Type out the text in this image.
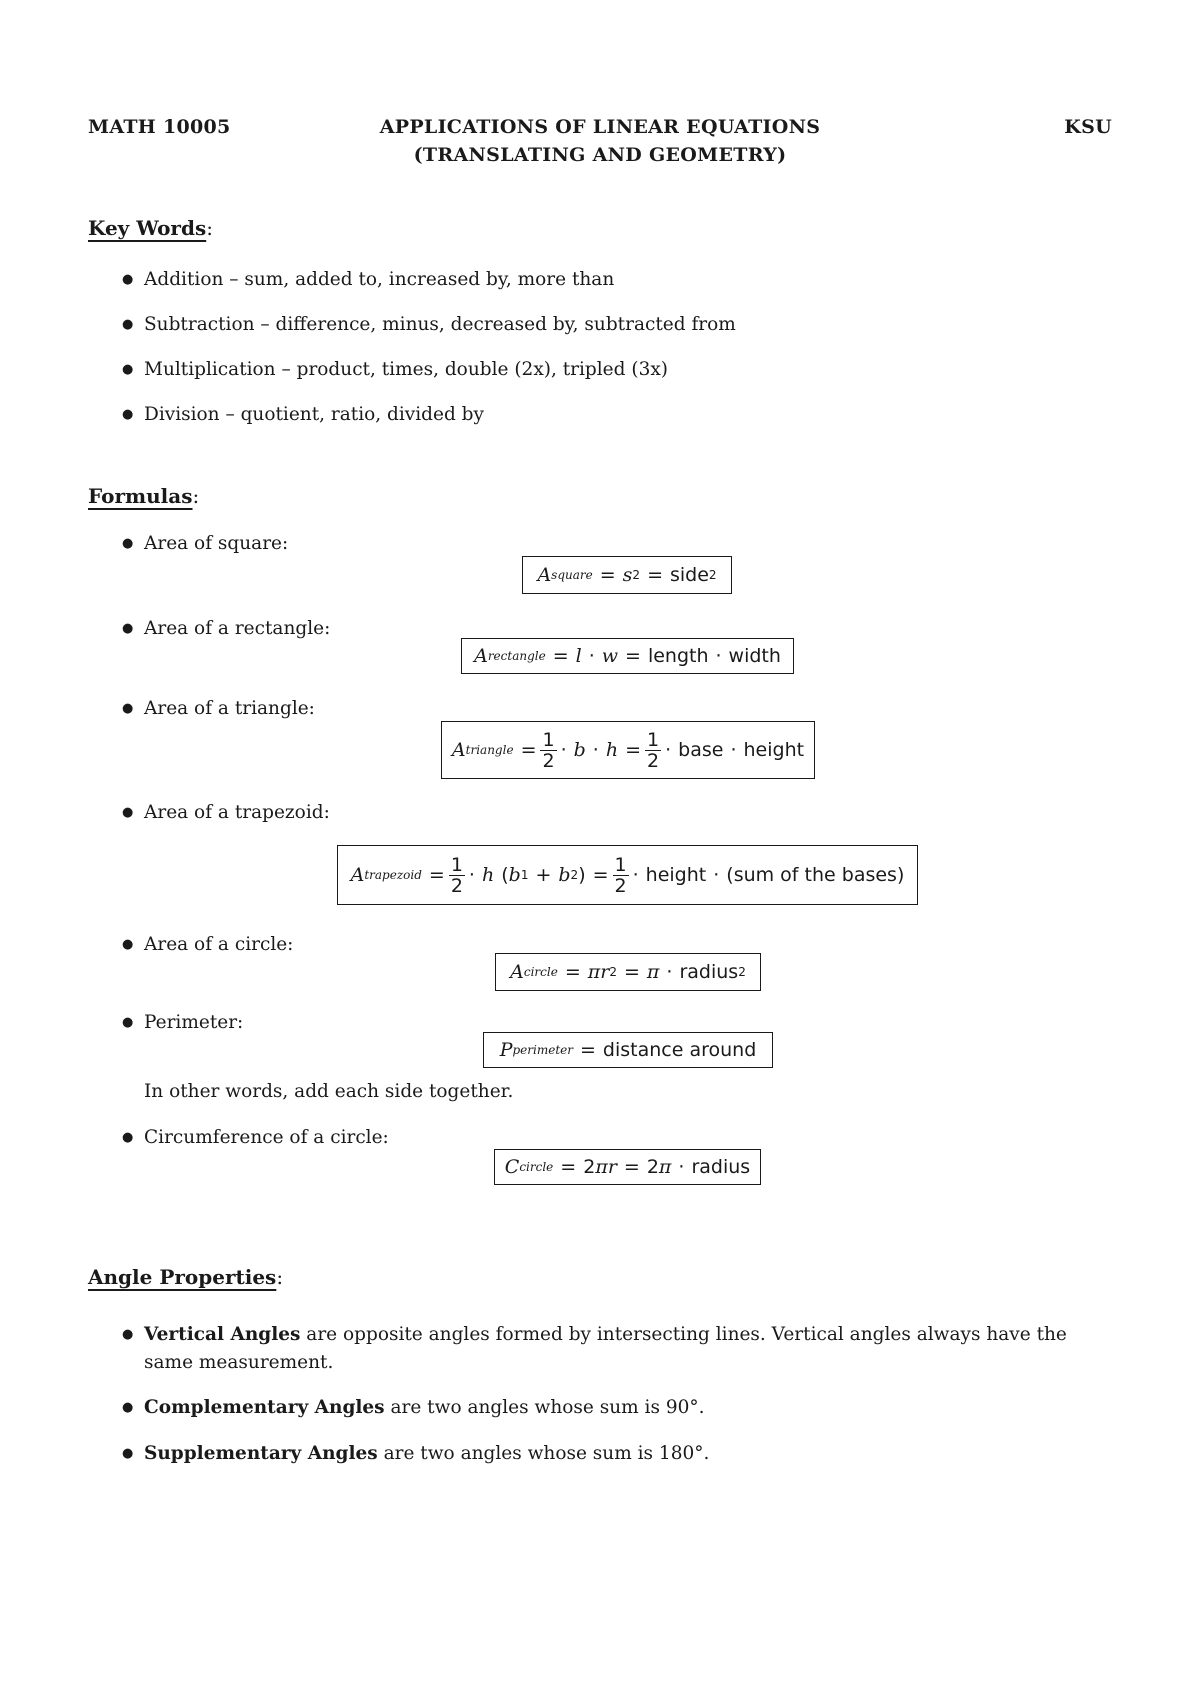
MATH 10005	APPLICATIONS OF LINEAR EQUATIONS
(TRANSLATING AND GEOMETRY)
KSU
Key Words:
● Addition – sum, added to, increased by, more than
● Subtraction – difference, minus, decreased by, subtracted from
● Multiplication – product, times, double (2x), tripled (3x)
● Division – quotient, ratio, divided by
Formulas:
● Area of square:
A square = s 2 = side 2
● Area of a rectangle:
A rectangle = l · w = length · width
● Area of a triangle:
A triangle = $\frac{1}{2} \cdot b \cdot h = \frac{1}{2}$ · base · height
● Area of a trapezoid:
A trapezoid = $\frac{1}{2} \cdot h$ ( b 1 + b 2 ) = $\frac{1}{2}$ · height · (sum of the bases)
● Area of a circle:
A circle = π r 2 = π · radius 2
● Perimeter:
P perimeter = distance around
In other words, add each side together.
● Circumference of a circle:
C circle = 2 π r = 2 π · radius
Angle Properties:
● Vertical Angles are opposite angles formed by intersecting lines. Vertical angles always have the same measurement.
● Complementary Angles are two angles whose sum is 90°.
● Supplementary Angles are two angles whose sum is 180°.
